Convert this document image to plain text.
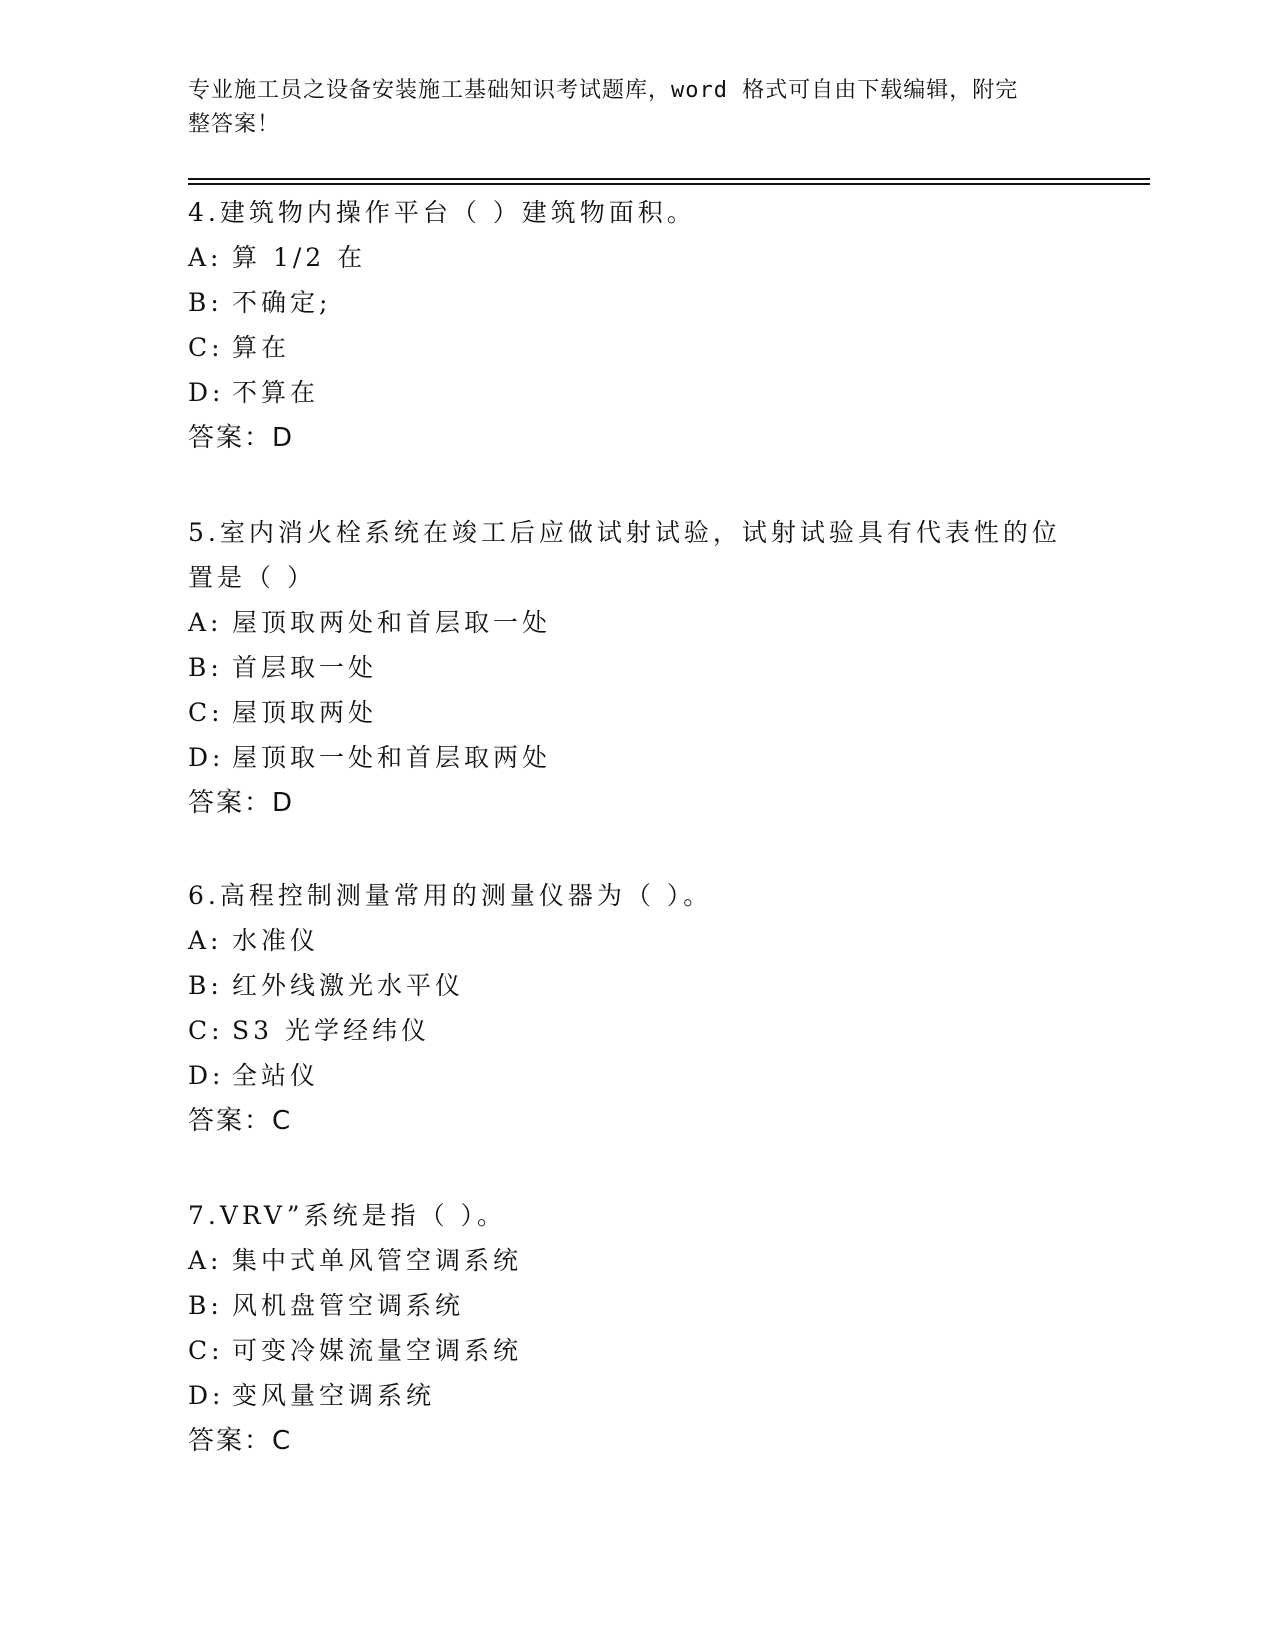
专业施工员之设备安装施工基础知识考试题库，word 格式可自由下载编辑，附完
整答案！
4.建筑物内操作平台（ ）建筑物面积。
A: 算 1/2 在
B: 不确定;
C: 算在
D: 不算在
答案：D
5.室内消火栓系统在竣工后应做试射试验，试射试验具有代表性的位置是（ ）
A: 屋顶取两处和首层取一处
B: 首层取一处
C: 屋顶取两处
D: 屋顶取一处和首层取两处
答案：D
6.高程控制测量常用的测量仪器为（ ）。
A: 水准仪
B: 红外线激光水平仪
C: S3 光学经纬仪
D: 全站仪
答案：C
7.VRV”系统是指（ ）。
A: 集中式单风管空调系统
B: 风机盘管空调系统
C: 可变冷媒流量空调系统
D: 变风量空调系统
答案：C
